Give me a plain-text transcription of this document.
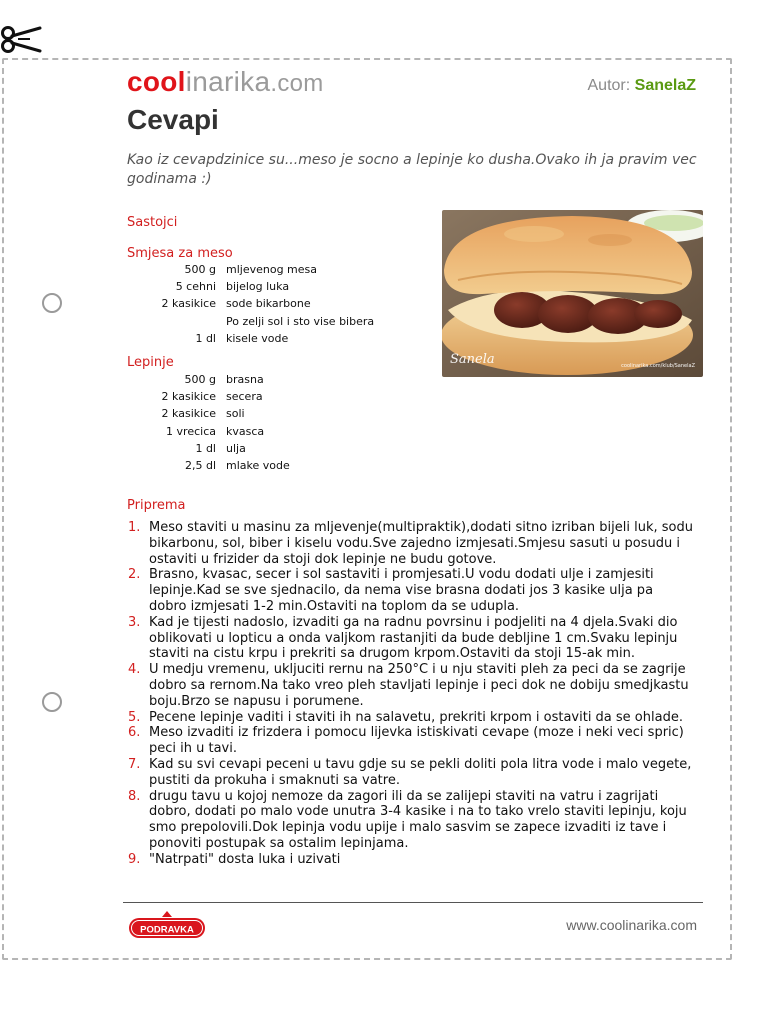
coolinarika.com	Autor: SanelaZ
Cevapi

Kao iz cevapdzinice su...meso je socno a lepinje ko dusha.Ovako ih ja pravim vec godinama :)

Sastojci
Smjesa za meso
500 g mljevenog mesa
5 cehni bijelog luka
2 kasikice sode bikarbone
Po zelji sol i sto vise bibera
1 dl kisele vode
Lepinje
500 g brasna
2 kasikice secera
2 kasikice soli
1 vrecica kvasca
1 dl ulja
2,5 dl mlake vode
Sanela	coolinarika.com/klub/SanelaZ
Priprema
1. Meso staviti u masinu za mljevenje(multipraktik),dodati sitno izriban bijeli luk, sodu bikarbonu, sol, biber i kiselu vodu.Sve zajedno izmjesati.Smjesu sasuti u posudu i ostaviti u frizider da stoji dok lepinje ne budu gotove.
2. Brasno, kvasac, secer i sol sastaviti i promjesati.U vodu dodati ulje i zamjesiti lepinje.Kad se sve sjednacilo, da nema vise brasna dodati jos 3 kasike ulja pa dobro izmjesati 1-2 min.Ostaviti na toplom da se udupla.
3. Kad je tijesti nadoslo, izvaditi ga na radnu povrsinu i podjeliti na 4 djela.Svaki dio oblikovati u lopticu a onda valjkom rastanjiti da bude debljine 1 cm.Svaku lepinju staviti na cistu krpu i prekriti sa drugom krpom.Ostaviti da stoji 15-ak min.
4. U medju vremenu, ukljuciti rernu na 250°C i u nju staviti pleh za peci da se zagrije dobro sa rernom.Na tako vreo pleh stavljati lepinje i peci dok ne dobiju smedjkastu boju.Brzo se napusu i porumene.
5. Pecene lepinje vaditi i staviti ih na salavetu, prekriti krpom i ostaviti da se ohlade.
6. Meso izvaditi iz frizdera i pomocu lijevka istiskivati cevape (moze i neki veci spric) peci ih u tavi.
7. Kad su svi cevapi peceni u tavu gdje su se pekli doliti pola litra vode i malo vegete, pustiti da prokuha i smaknuti sa vatre.
8. drugu tavu u kojoj nemoze da zagori ili da se zalijepi staviti na vatru i zagrijati dobro, dodati po malo vode unutra 3-4 kasike i na to tako vrelo staviti lepinju, koju smo prepolovili.Dok lepinja vodu upije i malo sasvim se zapece izvaditi iz tave i ponoviti postupak sa ostalim lepinjama.
9. "Natrpati" dosta luka i uzivati
PODRAVKA	www.coolinarika.com
